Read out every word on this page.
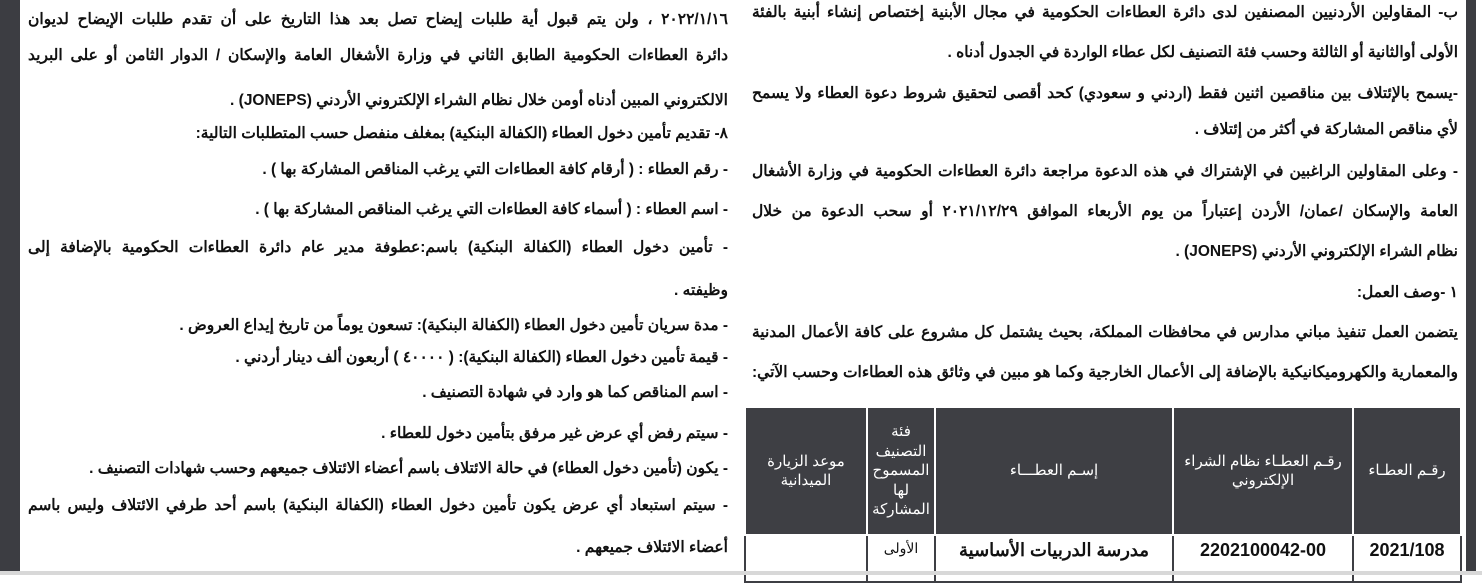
٢٠٢٢/١/١٦ ، ولن يتم قبول أية طلبات إيضاح تصل بعد هذا التاريخ على أن تقدم طلبات الإيضاح لديوان
دائرة العطاءات الحكومية الطابق الثاني في وزارة الأشغال العامة والإسكان / الدوار الثامن أو على البريد
الالكتروني المبين أدناه أومن خلال نظام الشراء الإلكتروني الأردني (JONEPS) .
٨- تقديم تأمين دخول العطاء (الكفالة البنكية) بمغلف منفصل حسب المتطلبات التالية:
- رقم العطاء : ( أرقام كافة العطاءات التي يرغب المناقص المشاركة بها ) .
- اسم العطاء : ( أسماء كافة العطاءات التي يرغب المناقص المشاركة بها ) .
- تأمين دخول العطاء (الكفالة البنكية) باسم:عطوفة مدير عام دائرة العطاءات الحكومية بالإضافة إلى
وظيفته .
- مدة سريان تأمين دخول العطاء (الكفالة البنكية): تسعون يوماً من تاريخ إيداع العروض .
- قيمة تأمين دخول العطاء (الكفالة البنكية): ( ٤٠٠٠٠ ) أربعون ألف دينار أردني .
- اسم المناقص كما هو وارد في شهادة التصنيف .
- سيتم رفض أي عرض غير مرفق بتأمين دخول للعطاء .
- يكون (تأمين دخول العطاء) في حالة الائتلاف باسم أعضاء الائتلاف جميعهم وحسب شهادات التصنيف .
- سيتم استبعاد أي عرض يكون تأمين دخول العطاء (الكفالة البنكية) باسم أحد طرفي الائتلاف وليس باسم
أعضاء الائتلاف جميعهم .
ب- المقاولين الأردنيين المصنفين لدى دائرة العطاءات الحكومية في مجال الأبنية إختصاص إنشاء أبنية بالفئة
الأولى أوالثانية أو الثالثة وحسب فئة التصنيف لكل عطاء الواردة في الجدول أدناه .
-يسمح بالإئتلاف بين مناقصين اثنين فقط (اردني و سعودي) كحد أقصى لتحقيق شروط دعوة العطاء ولا يسمح
لأي مناقص المشاركة في أكثر من إئتلاف .
- وعلى المقاولين الراغبين في الإشتراك في هذه الدعوة مراجعة دائرة العطاءات الحكومية في وزارة الأشغال
العامة والإسكان /عمان/ الأردن إعتباراً من يوم الأربعاء الموافق ٢٠٢١/١٢/٢٩ أو سحب الدعوة من خلال
نظام الشراء الإلكتروني الأردني (JONEPS) .
١ -وصف العمل:
يتضمن العمل تنفيذ مباني مدارس في محافظات المملكة، بحيث يشتمل كل مشروع على كافة الأعمال المدنية
والمعمارية والكهروميكانيكية بالإضافة إلى الأعمال الخارجية وكما هو مبين في وثائق هذه العطاءات وحسب الآتي:
رقـم العطـاء	رقـم العطـاء نظام الشراء الإلكتروني	إسـم العطـــاء	فئة التصنيف المسموح لها المشاركة	موعد الزيارة الميدانية
2021/108	2202100042-00	مدرسة الدربيات الأساسية	الأولى	
